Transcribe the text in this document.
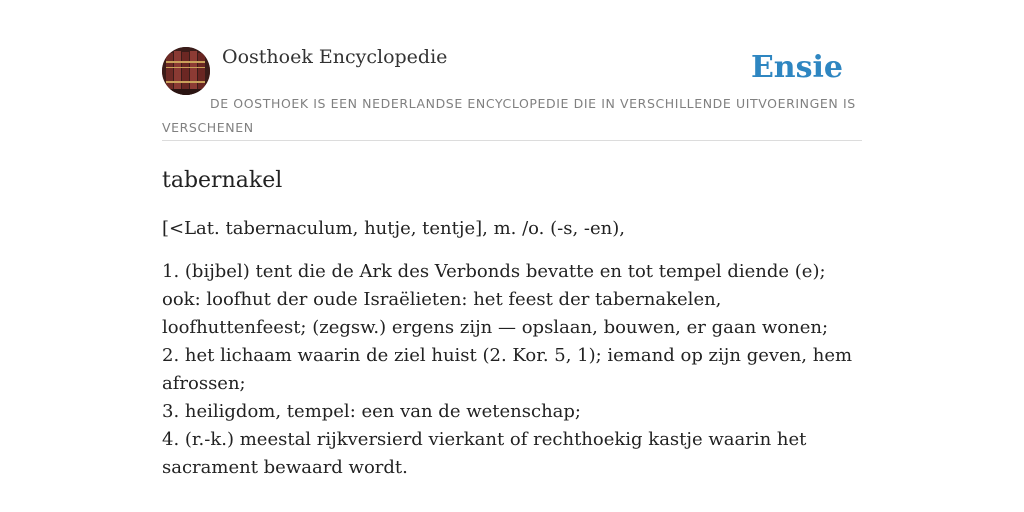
Oosthoek Encyclopedie	Ensie
DE OOSTHOEK IS EEN NEDERLANDSE ENCYCLOPEDIE DIE IN VERSCHILLENDE UITVOERINGEN IS VERSCHENEN
tabernakel
[<Lat. tabernaculum, hutje, tentje], m. /o. (-s, -en),
1. (bijbel) tent die de Ark des Verbonds bevatte en tot tempel diende (e); ook: loofhut der oude Israëlieten: het feest der tabernakelen, loofhuttenfeest; (zegsw.) ergens zijn — opslaan, bouwen, er gaan wonen;
2. het lichaam waarin de ziel huist (2. Kor. 5, 1); iemand op zijn geven, hem afrossen;
3. heiligdom, tempel: een van de wetenschap;
4. (r.-k.) meestal rijkversierd vierkant of rechthoekig kastje waarin het sacrament bewaard wordt.
